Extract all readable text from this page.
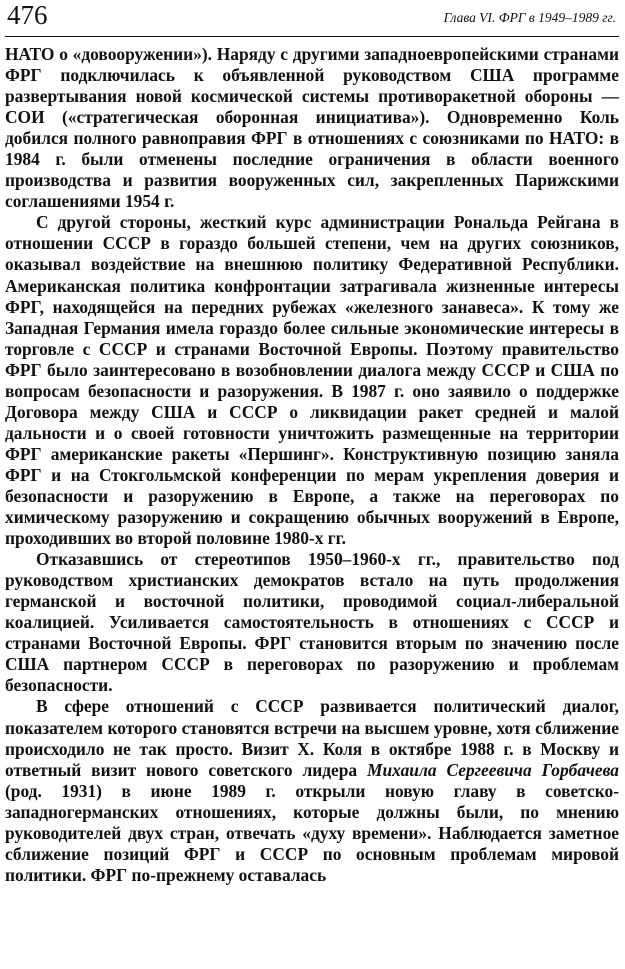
476	Глава VI. ФРГ в 1949–1989 гг.

НАТО о «довооружении»). Наряду с другими западноевропейскими странами ФРГ подключилась к объявленной руководством США программе развертывания новой космической системы противоракетной обороны — СОИ («стратегическая оборонная инициатива»). Одновременно Коль добился полного равноправия ФРГ в отношениях с союзниками по НАТО: в 1984 г. были отменены последние ограничения в области военного производства и развития вооруженных сил, закрепленных Парижскими соглашениями 1954 г.

С другой стороны, жесткий курс администрации Рональда Рейгана в отношении СССР в гораздо большей степени, чем на других союзников, оказывал воздействие на внешнюю политику Федеративной Республики. Американская политика конфронтации затрагивала жизненные интересы ФРГ, находящейся на передних рубежах «железного занавеса». К тому же Западная Германия имела гораздо более сильные экономические интересы в торговле с СССР и странами Восточной Европы. Поэтому правительство ФРГ было заинтересовано в возобновлении диалога между СССР и США по вопросам безопасности и разоружения. В 1987 г. оно заявило о поддержке Договора между США и СССР о ликвидации ракет средней и малой дальности и о своей готовности уничтожить размещенные на территории ФРГ американские ракеты «Першинг». Конструктивную позицию заняла ФРГ и на Стокгольмской конференции по мерам укрепления доверия и безопасности и разоружению в Европе, а также на переговорах по химическому разоружению и сокращению обычных вооружений в Европе, проходивших во второй половине 1980-х гг.

Отказавшись от стереотипов 1950–1960-х гг., правительство под руководством христианских демократов встало на путь продолжения германской и восточной политики, проводимой социал-либеральной коалицией. Усиливается самостоятельность в отношениях с СССР и странами Восточной Европы. ФРГ становится вторым по значению после США партнером СССР в переговорах по разоружению и проблемам безопасности.

В сфере отношений с СССР развивается политический диалог, показателем которого становятся встречи на высшем уровне, хотя сближение происходило не так просто. Визит Х. Коля в октябре 1988 г. в Москву и ответный визит нового советского лидера Михаила Сергеевича Горбачева (род. 1931) в июне 1989 г. открыли новую главу в советско-западногерманских отношениях, которые должны были, по мнению руководителей двух стран, отвечать «духу времени». Наблюдается заметное сближение позиций ФРГ и СССР по основным проблемам мировой политики. ФРГ по-прежнему оставалась
